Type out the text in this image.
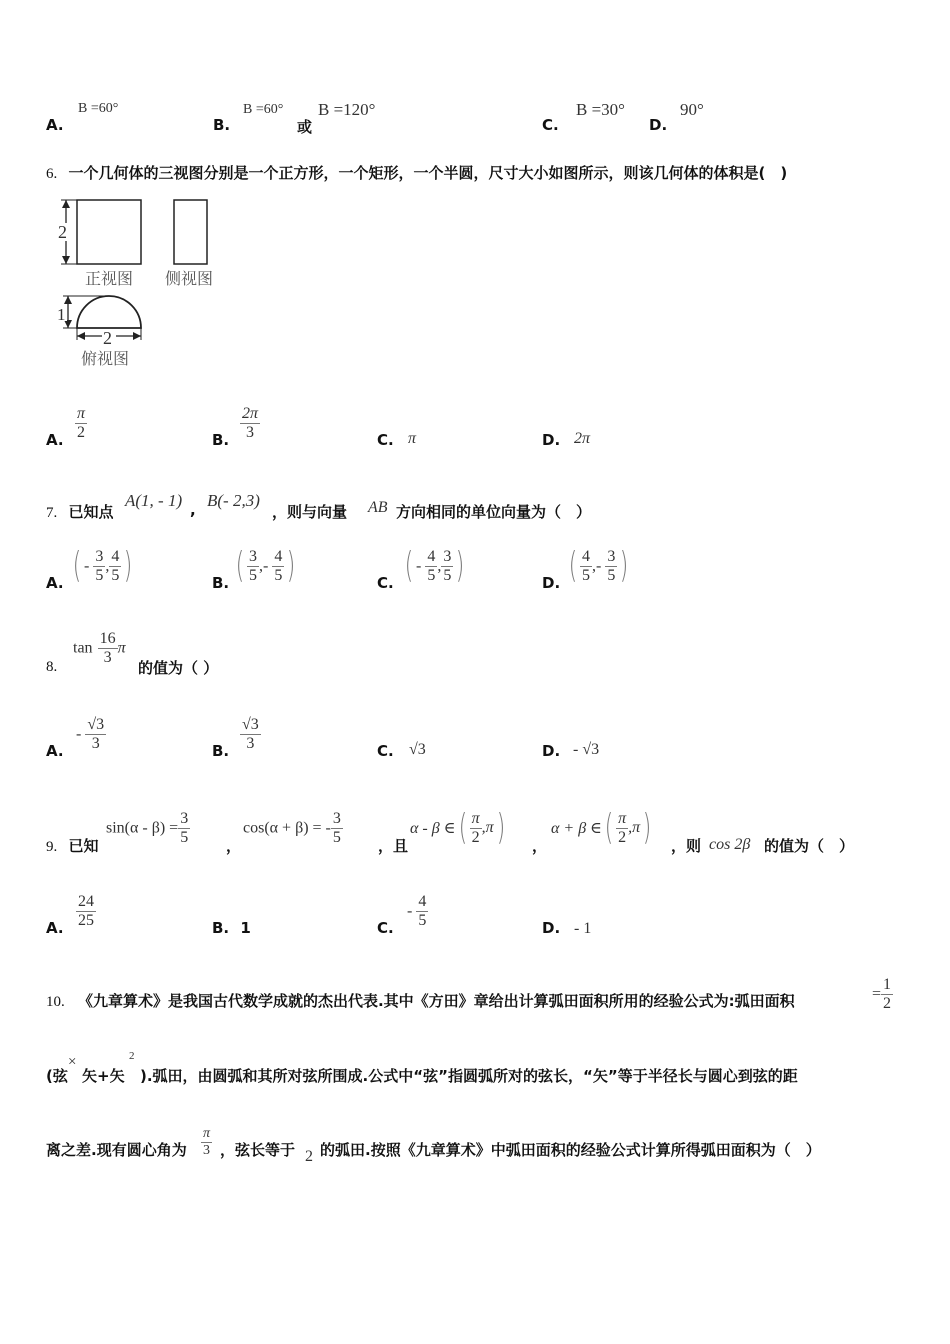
A.
B =60°
B.
B =60°
或
B =120°
C.
B =30°
D.
90°
6. 一个几何体的三视图分别是一个正方形，一个矩形，一个半圆，尺寸大小如图所示，则该几何体的体积是(　)
2
正视图 侧视图
1
2
俯视图
A. $\frac{\pi}{2}$	B. $\frac{2\pi}{3}$	C. π	D. 2π
7. 已知点
A(1, - 1) , B(- 2,3)
，则与向量 AB 方向相同的单位向量为（　）
A. ( - $\frac{3}{5}$ , $\frac{4}{5}$ )	B. ( $\frac{3}{5}$ ,- $\frac{4}{5}$ )	C. ( - $\frac{4}{5}$ , $\frac{3}{5}$ )	D. ( $\frac{4}{5}$ ,- $\frac{3}{5}$ )
8.
$\tan \frac{16}{3}$ π
的值为（ ）
A.
- $\frac{√3}{3}$	B. $\frac{√3}{3}$	C. √3	D. - √3
9. 已知
$\sin(\alpha - \beta) = \frac{3}{5}$ ，
cos(α + β) = - $\frac{3}{5}$ ，且
α - β ∈( $\frac{\pi}{2} ,\pi$) ，
α + β ∈( $\frac{\pi}{2} ,\pi$) ，则 cos 2β 的值为（　）
A. $\frac{24}{25}$	B. 1	C.
- $\frac{4}{5}$	D. - 1
10. 《九章算术》是我国古代数学成就的杰出代表.其中《方田》章给出计算弧田面积所用的经验公式为:弧田面积	= $\frac{1}{2}$
(弦
×
矢+矢
2
).弧田，由圆弧和其所对弦所围成.公式中“弦”指圆弧所对的弦长，“矢”等于半径长与圆心到弦的距
离之差.现有圆心角为 $\frac{\pi}{3}$ ，弦长等于 2 的弧田.按照《九章算术》中弧田面积的经验公式计算所得弧田面积为（　）
